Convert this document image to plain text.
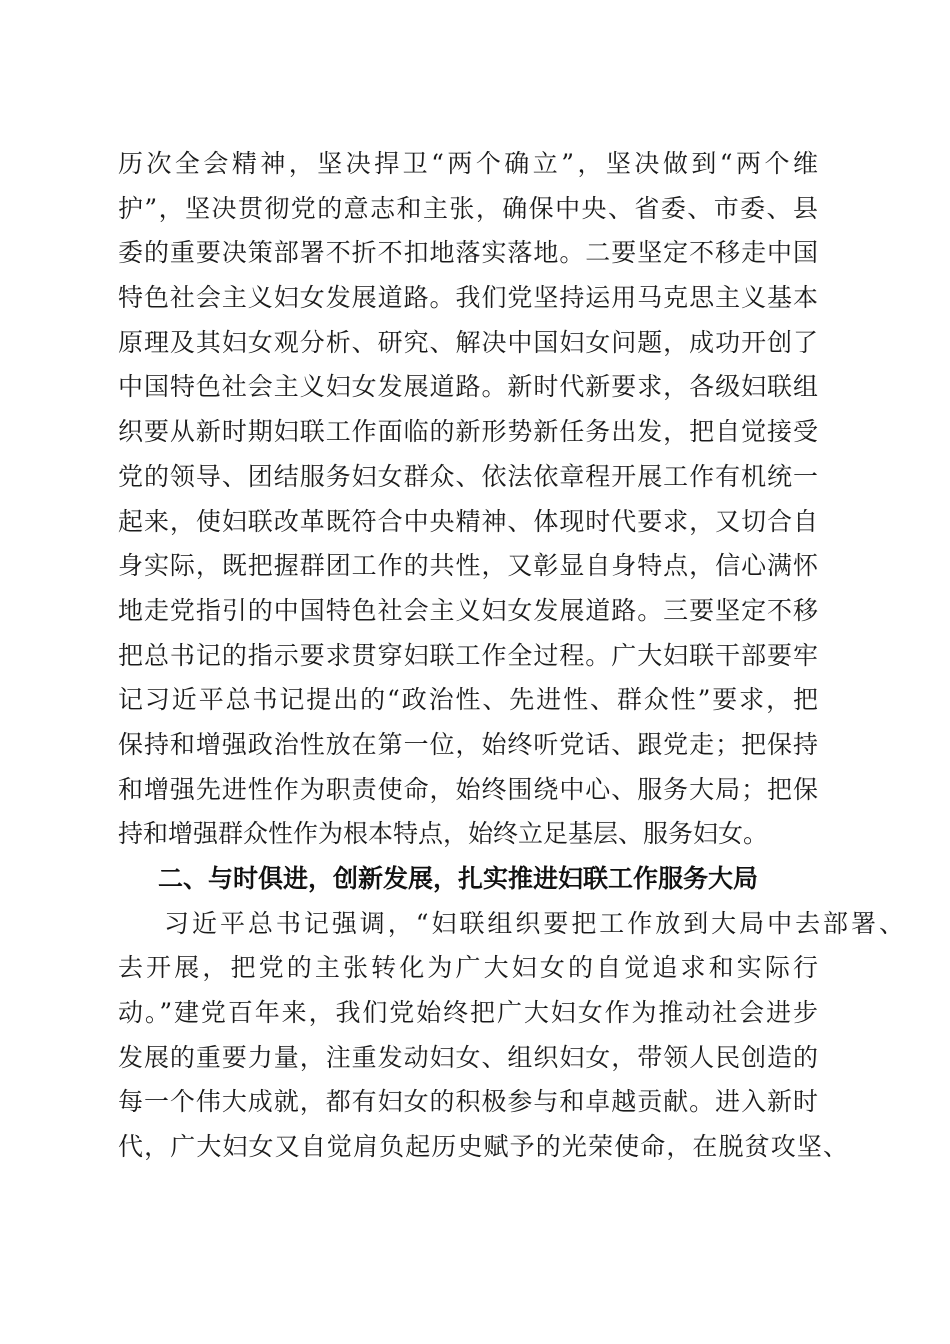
历次全会精神，坚决捍卫“两个确立”，坚决做到“两个维
护”，坚决贯彻党的意志和主张，确保中央、省委、市委、县
委的重要决策部署不折不扣地落实落地。二要坚定不移走中国
特色社会主义妇女发展道路。我们党坚持运用马克思主义基本
原理及其妇女观分析、研究、解决中国妇女问题，成功开创了
中国特色社会主义妇女发展道路。新时代新要求，各级妇联组
织要从新时期妇联工作面临的新形势新任务出发，把自觉接受
党的领导、团结服务妇女群众、依法依章程开展工作有机统一
起来，使妇联改革既符合中央精神、体现时代要求，又切合自
身实际，既把握群团工作的共性，又彰显自身特点，信心满怀
地走党指引的中国特色社会主义妇女发展道路。三要坚定不移
把总书记的指示要求贯穿妇联工作全过程。广大妇联干部要牢
记习近平总书记提出的“政治性、先进性、群众性”要求，把
保持和增强政治性放在第一位，始终听党话、跟党走；把保持
和增强先进性作为职责使命，始终围绕中心、服务大局；把保
持和增强群众性作为根本特点，始终立足基层、服务妇女。
二、与时俱进，创新发展，扎实推进妇联工作服务大局
习近平总书记强调，“妇联组织要把工作放到大局中去部署、
去开展，把党的主张转化为广大妇女的自觉追求和实际行
动。”建党百年来，我们党始终把广大妇女作为推动社会进步
发展的重要力量，注重发动妇女、组织妇女，带领人民创造的
每一个伟大成就，都有妇女的积极参与和卓越贡献。进入新时
代，广大妇女又自觉肩负起历史赋予的光荣使命，在脱贫攻坚、
